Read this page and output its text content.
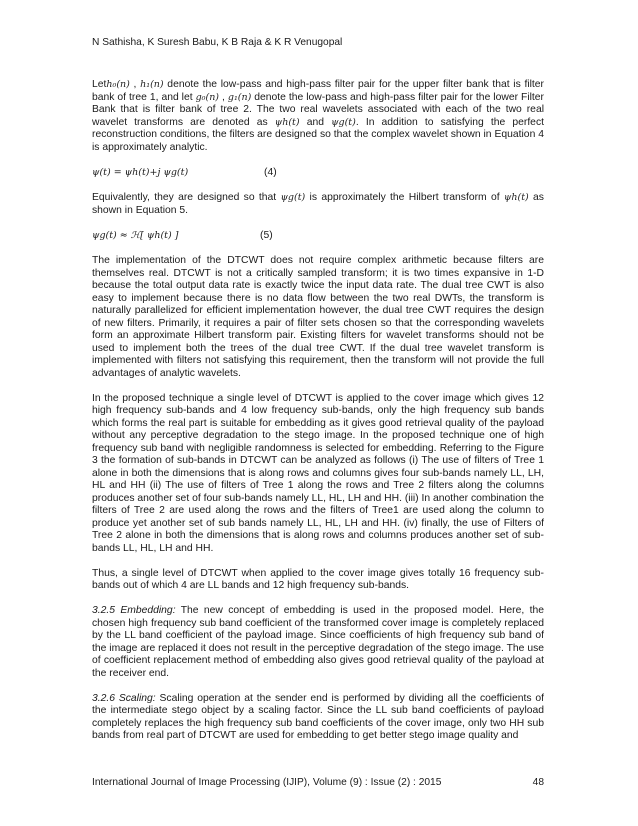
N Sathisha, K Suresh Babu, K B Raja & K R Venugopal

Leth₀(n) , h₁(n) denote the low-pass and high-pass filter pair for the upper filter bank that is filter bank of tree 1, and let g₀(n) , g₁(n) denote the low-pass and high-pass filter pair for the lower Filter Bank that is filter bank of tree 2. The two real wavelets associated with each of the two real wavelet transforms are denoted as ψh(t) and ψg(t). In addition to satisfying the perfect reconstruction conditions, the filters are designed so that the complex wavelet shown in Equation 4 is approximately analytic.

ψ(t) = ψh(t)+j ψg(t)	(4)

Equivalently, they are designed so that ψg(t) is approximately the Hilbert transform of ψh(t) as shown in Equation 5.

ψg(t) ≈ ℋ[ ψh(t) ]	(5)

The implementation of the DTCWT does not require complex arithmetic because filters are themselves real. DTCWT is not a critically sampled transform; it is two times expansive in 1-D because the total output data rate is exactly twice the input data rate. The dual tree CWT is also easy to implement because there is no data flow between the two real DWTs, the transform is naturally parallelized for efficient implementation however, the dual tree CWT requires the design of new filters. Primarily, it requires a pair of filter sets chosen so that the corresponding wavelets form an approximate Hilbert transform pair. Existing filters for wavelet transforms should not be used to implement both the trees of the dual tree CWT. If the dual tree wavelet transform is implemented with filters not satisfying this requirement, then the transform will not provide the full advantages of analytic wavelets.

In the proposed technique a single level of DTCWT is applied to the cover image which gives 12 high frequency sub-bands and 4 low frequency sub-bands, only the high frequency sub bands which forms the real part is suitable for embedding as it gives good retrieval quality of the payload without any perceptive degradation to the stego image. In the proposed technique one of high frequency sub band with negligible randomness is selected for embedding. Referring to the Figure 3 the formation of sub-bands in DTCWT can be analyzed as follows (i) The use of filters of Tree 1 alone in both the dimensions that is along rows and columns gives four sub-bands namely LL, LH, HL and HH (ii) The use of filters of Tree 1 along the rows and Tree 2 filters along the columns produces another set of four sub-bands namely LL, HL, LH and HH. (iii) In another combination the filters of Tree 2 are used along the rows and the filters of Tree1 are used along the column to produce yet another set of sub bands namely LL, HL, LH and HH. (iv) finally, the use of Filters of Tree 2 alone in both the dimensions that is along rows and columns produces another set of sub-bands LL, HL, LH and HH.

Thus, a single level of DTCWT when applied to the cover image gives totally 16 frequency sub-bands out of which 4 are LL bands and 12 high frequency sub-bands.

3.2.5 Embedding: The new concept of embedding is used in the proposed model. Here, the chosen high frequency sub band coefficient of the transformed cover image is completely replaced by the LL band coefficient of the payload image. Since coefficients of high frequency sub band of the image are replaced it does not result in the perceptive degradation of the stego image. The use of coefficient replacement method of embedding also gives good retrieval quality of the payload at the receiver end.

3.2.6 Scaling: Scaling operation at the sender end is performed by dividing all the coefficients of the intermediate stego object by a scaling factor. Since the LL sub band coefficients of payload completely replaces the high frequency sub band coefficients of the cover image, only two HH sub bands from real part of DTCWT are used for embedding to get better stego image quality and

International Journal of Image Processing (IJIP), Volume (9) : Issue (2) : 2015	48
